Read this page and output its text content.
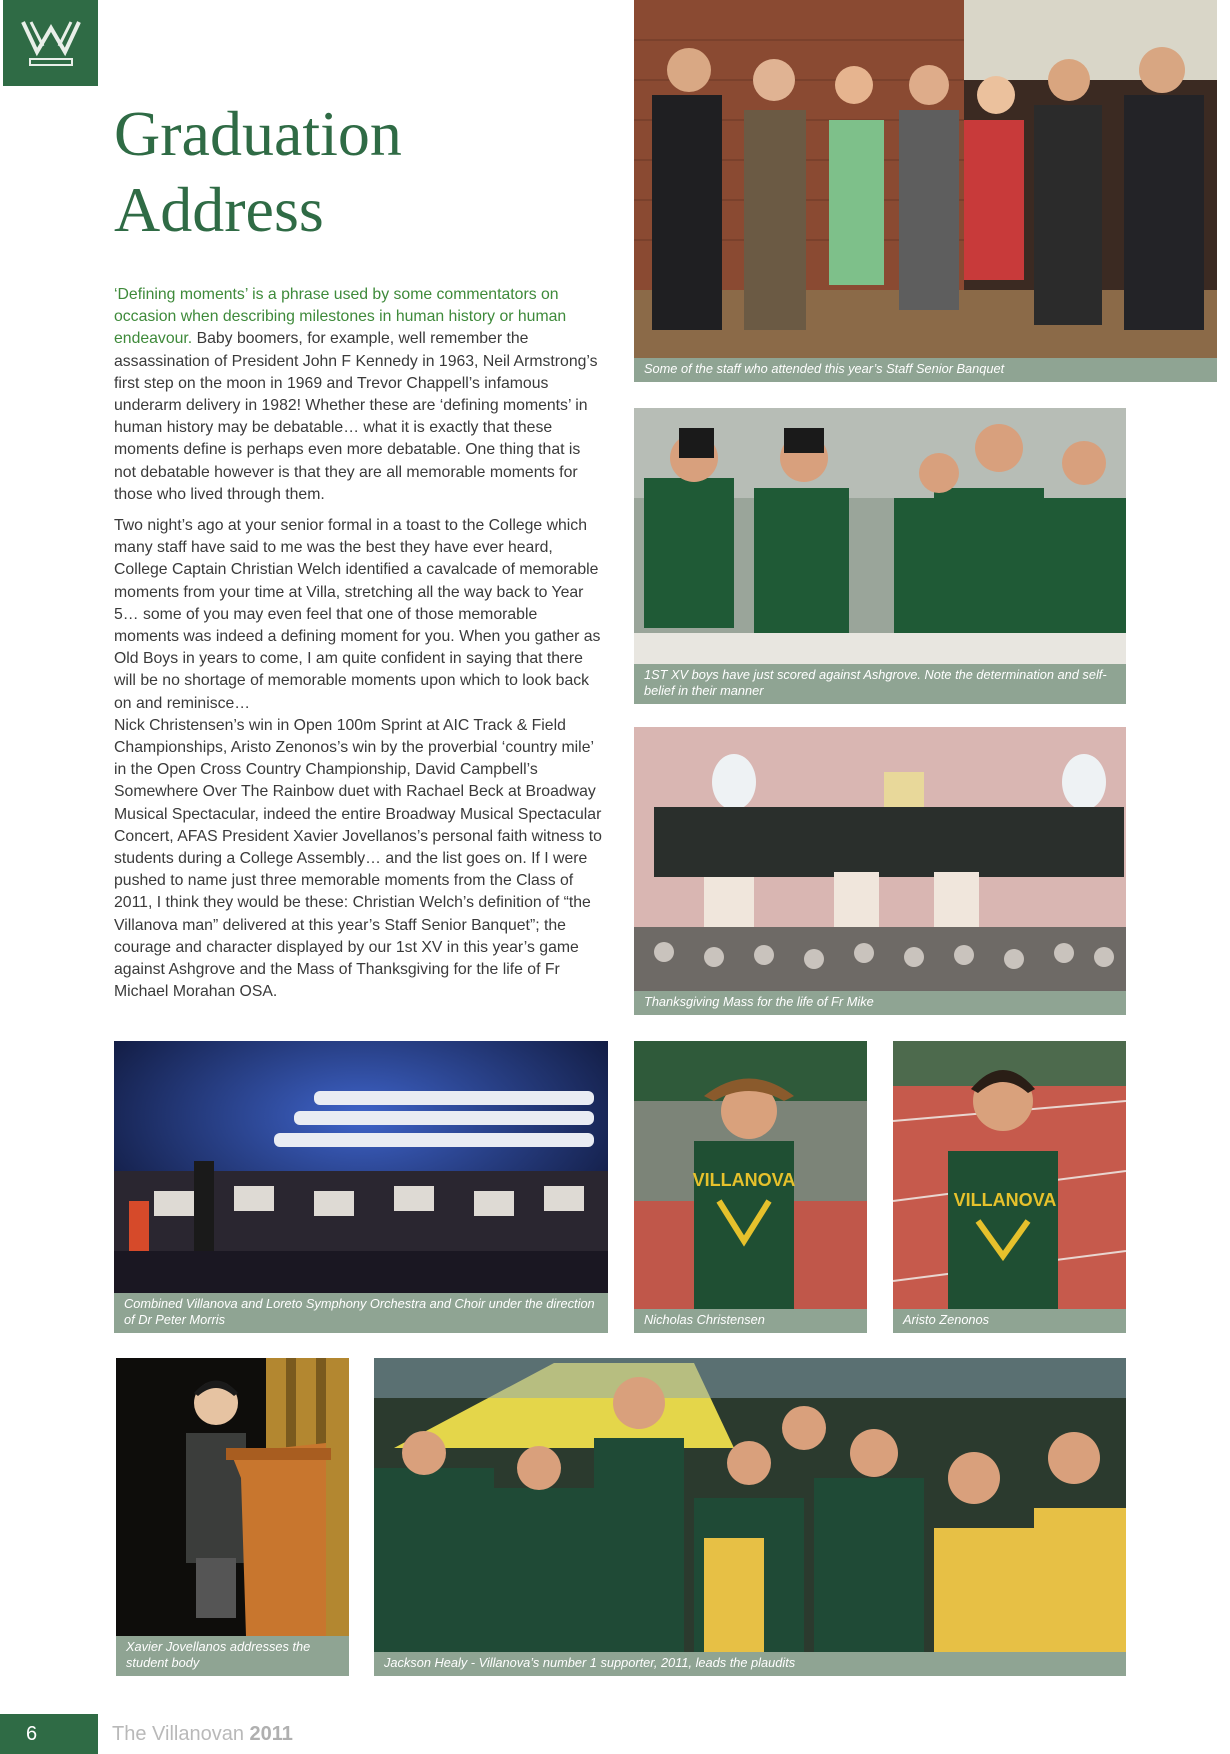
Graduation
Address

‘Defining moments’ is a phrase used by some commentators on occasion when describing milestones in human history or human endeavour. Baby boomers, for example, well remember the assassination of President John F Kennedy in 1963, Neil Armstrong’s first step on the moon in 1969 and Trevor Chappell’s infamous underarm delivery in 1982! Whether these are ‘defining moments’ in human history may be debatable… what it is exactly that these moments define is perhaps even more debatable. One thing that is not debatable however is that they are all memorable moments for those who lived through them.

Two night’s ago at your senior formal in a toast to the College which many staff have said to me was the best they have ever heard, College Captain Christian Welch identified a cavalcade of memorable moments from your time at Villa, stretching all the way back to Year 5… some of you may even feel that one of those memorable moments was indeed a defining moment for you. When you gather as Old Boys in years to come, I am quite confident in saying that there will be no shortage of memorable moments upon which to look back on and reminisce…

Nick Christensen’s win in Open 100m Sprint at AIC Track & Field Championships, Aristo Zenonos’s win by the proverbial ‘country mile’ in the Open Cross Country Championship, David Campbell’s Somewhere Over The Rainbow duet with Rachael Beck at Broadway Musical Spectacular, indeed the entire Broadway Musical Spectacular Concert, AFAS President Xavier Jovellanos’s personal faith witness to students during a College Assembly… and the list goes on. If I were pushed to name just three memorable moments from the Class of 2011, I think they would be these: Christian Welch’s definition of “the Villanova man” delivered at this year’s Staff Senior Banquet”; the courage and character displayed by our 1st XV in this year’s game against Ashgrove and the Mass of Thanksgiving for the life of Fr Michael Morahan OSA.

Some of the staff who attended this year’s Staff Senior Banquet
1ST XV boys have just scored against Ashgrove. Note the determination and self-belief in their manner
Thanksgiving Mass for the life of Fr Mike
Combined Villanova and Loreto Symphony Orchestra and Choir under the direction of Dr Peter Morris
VILLANOVA
Nicholas Christensen
VILLANOVA
Aristo Zenonos
Xavier Jovellanos addresses the student body	Jackson Healy - Villanova’s number 1 supporter, 2011, leads the plaudits
6	The Villanovan 2011
